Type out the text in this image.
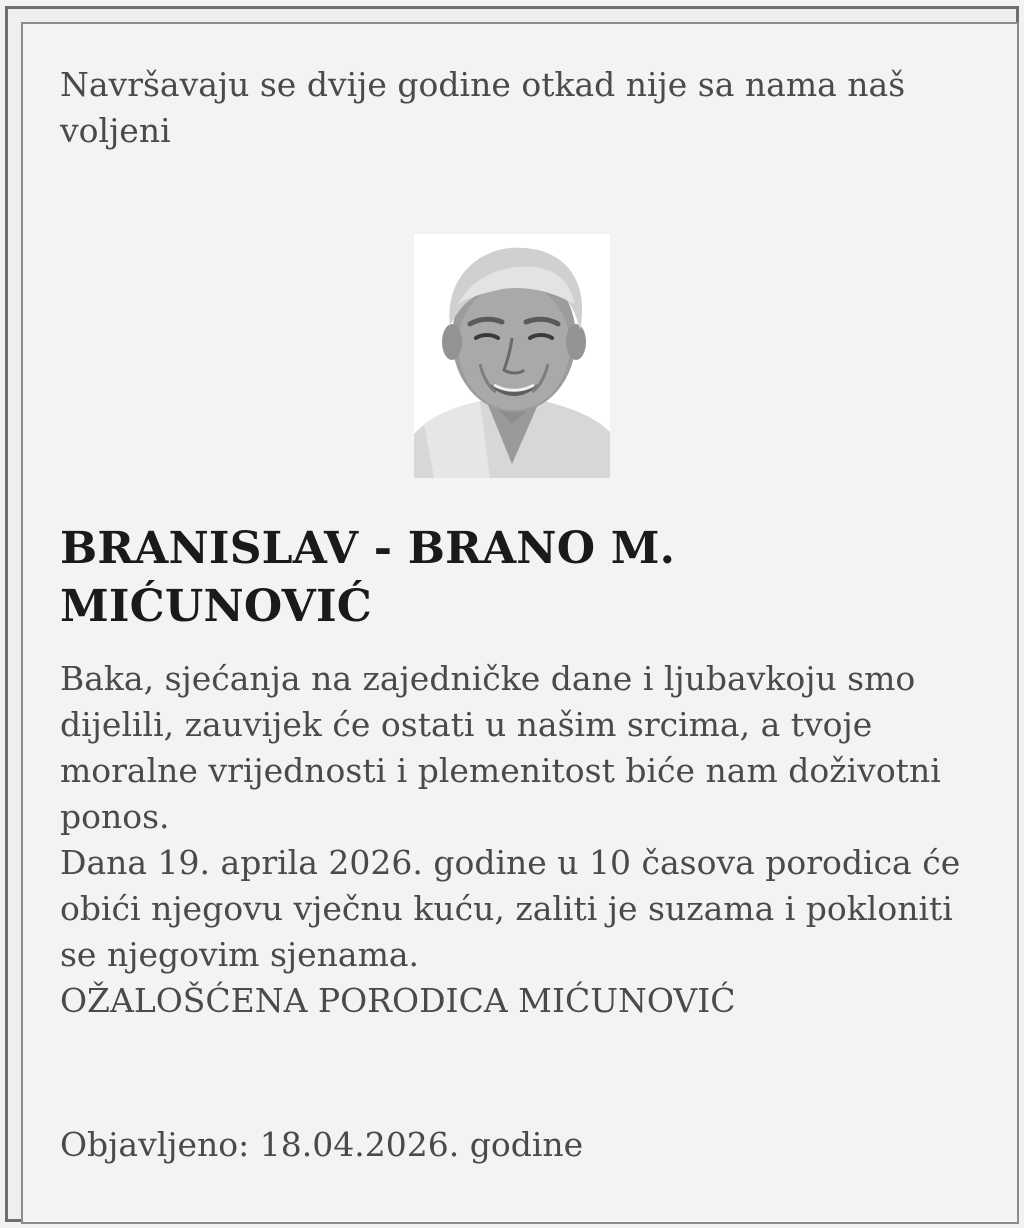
Navršavaju se dvije godine otkad nije sa nama naš voljeni

BRANISLAV - BRANO M. MIĆUNOVIĆ

Baka, sjećanja na zajedničke dane i ljubavkoju smo dijelili, zauvijek će ostati u našim srcima, a tvoje moralne vrijednosti i plemenitost biće nam doživotni ponos.

Dana 19. aprila 2026. godine u 10 časova porodica će obići njegovu vječnu kuću, zaliti je suzama i pokloniti se njegovim sjenama.

OŽALOŠĆENA PORODICA MIĆUNOVIĆ

Objavljeno: 18.04.2026. godine
